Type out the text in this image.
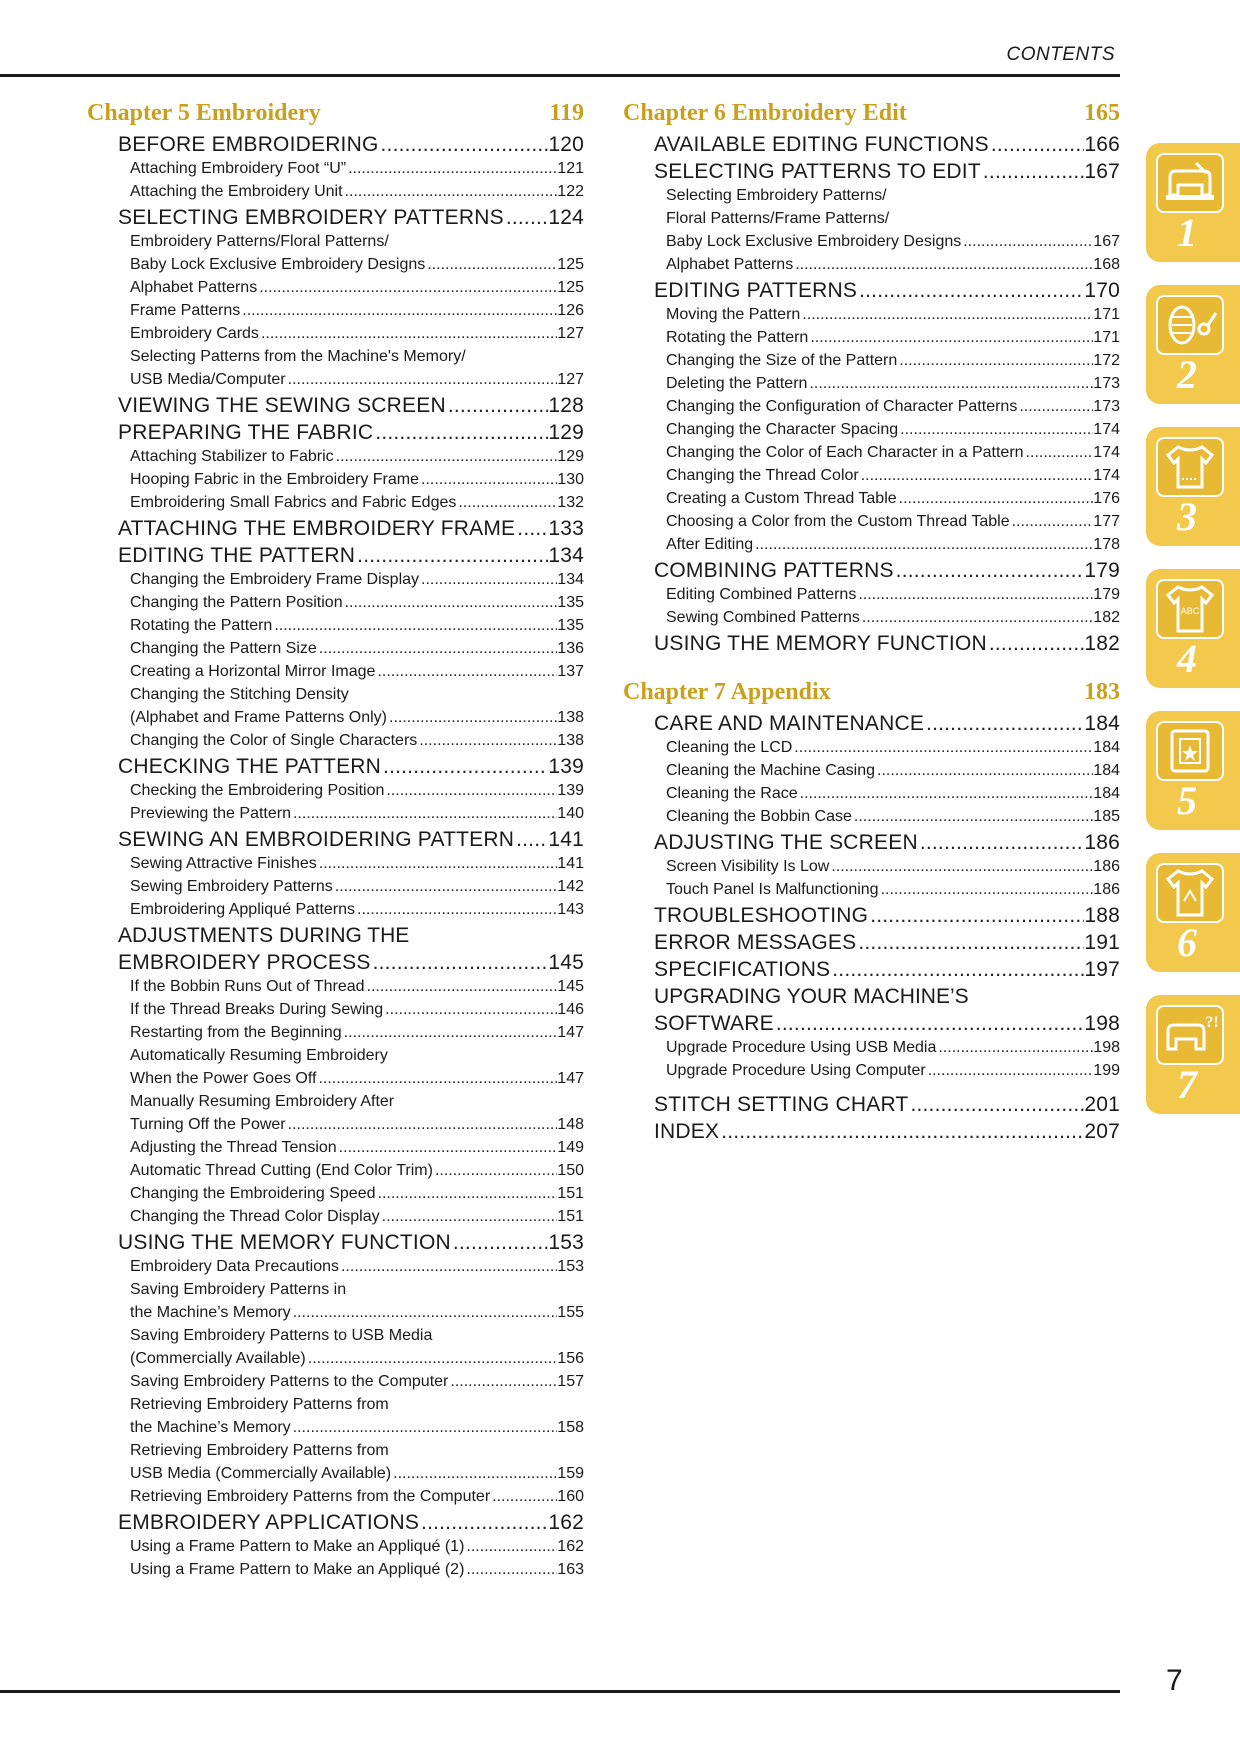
CONTENTS
Chapter 5 Embroidery	119
BEFORE EMBROIDERING .....	120
Attaching Embroidery Foot “U” .....	121
Attaching the Embroidery Unit .....	122
SELECTING EMBROIDERY PATTERNS ..... 124
Embroidery Patterns/Floral Patterns/
Baby Lock Exclusive Embroidery Designs .....	125
Alphabet Patterns .....	125
Frame Patterns .....	126
Embroidery Cards .....	127
Selecting Patterns from the Machine's Memory/
USB Media/Computer .....	127
VIEWING THE SEWING SCREEN .....	128
PREPARING THE FABRIC .....	129
Attaching Stabilizer to Fabric .....	129
Hooping Fabric in the Embroidery Frame .....	130
Embroidering Small Fabrics and Fabric Edges .....	132
ATTACHING THE EMBROIDERY FRAME ..... 133
EDITING THE PATTERN .....	134
Changing the Embroidery Frame Display .....	134
Changing the Pattern Position .....	135
Rotating the Pattern .....	135
Changing the Pattern Size .....	136
Creating a Horizontal Mirror Image .....	137
Changing the Stitching Density
(Alphabet and Frame Patterns Only) .....	138
Changing the Color of Single Characters .....	138
CHECKING THE PATTERN .....	139
Checking the Embroidering Position .....	139
Previewing the Pattern .....	140
SEWING AN EMBROIDERING PATTERN ..... 141
Sewing Attractive Finishes .....	141
Sewing Embroidery Patterns .....	142
Embroidering Appliqué Patterns .....	143
ADJUSTMENTS DURING THE
EMBROIDERY PROCESS .....	145
If the Bobbin Runs Out of Thread .....	145
If the Thread Breaks During Sewing .....	146
Restarting from the Beginning .....	147
Automatically Resuming Embroidery
When the Power Goes Off .....	147
Manually Resuming Embroidery After
Turning Off the Power .....	148
Adjusting the Thread Tension .....	149
Automatic Thread Cutting (End Color Trim) .....	150
Changing the Embroidering Speed .....	151
Changing the Thread Color Display .....	151
USING THE MEMORY FUNCTION .....	153
Embroidery Data Precautions .....	153
Saving Embroidery Patterns in
the Machine’s Memory .....	155
Saving Embroidery Patterns to USB Media
(Commercially Available) .....	156
Saving Embroidery Patterns to the Computer .....	157
Retrieving Embroidery Patterns from
the Machine’s Memory .....	158
Retrieving Embroidery Patterns from
USB Media (Commercially Available) .....	159
Retrieving Embroidery Patterns from the Computer .....	160
EMBROIDERY APPLICATIONS .....	162
Using a Frame Pattern to Make an Appliqué (1) .....	162
Using a Frame Pattern to Make an Appliqué (2) .....	163
Chapter 6 Embroidery Edit	165
AVAILABLE EDITING FUNCTIONS .....	166
SELECTING PATTERNS TO EDIT .....	167
Selecting Embroidery Patterns/
Floral Patterns/Frame Patterns/
Baby Lock Exclusive Embroidery Designs .....	167
Alphabet Patterns .....	168
EDITING PATTERNS .....	170
Moving the Pattern .....	171
Rotating the Pattern .....	171
Changing the Size of the Pattern .....	172
Deleting the Pattern .....	173
Changing the Configuration of Character Patterns .....	173
Changing the Character Spacing .....	174
Changing the Color of Each Character in a Pattern .....	174
Changing the Thread Color .....	174
Creating a Custom Thread Table .....	176
Choosing a Color from the Custom Thread Table .....	177
After Editing .....	178
COMBINING PATTERNS .....	179
Editing Combined Patterns .....	179
Sewing Combined Patterns .....	182
USING THE MEMORY FUNCTION .....	182
Chapter 7 Appendix	183
CARE AND MAINTENANCE .....	184
Cleaning the LCD .....	184
Cleaning the Machine Casing .....	184
Cleaning the Race .....	184
Cleaning the Bobbin Case .....	185
ADJUSTING THE SCREEN .....	186
Screen Visibility Is Low .....	186
Touch Panel Is Malfunctioning .....	186
TROUBLESHOOTING .....	188
ERROR MESSAGES .....	191
SPECIFICATIONS .....	197
UPGRADING YOUR MACHINE’S
SOFTWARE .....	198
Upgrade Procedure Using USB Media .....	198
Upgrade Procedure Using Computer .....	199
STITCH SETTING CHART .....	201
INDEX .....	207
1
2
3
ABC
4
5
6
?!
7
7
